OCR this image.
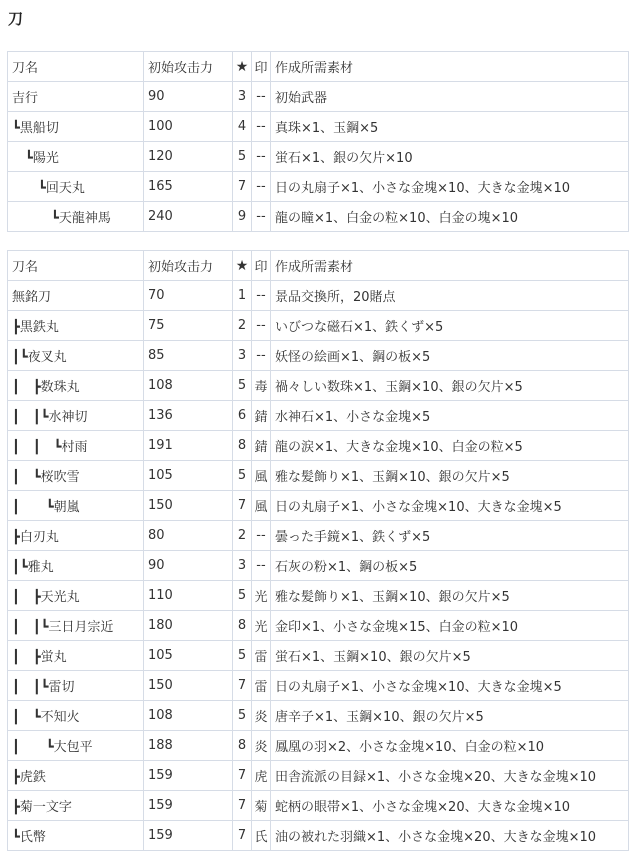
刀
刀名	初始攻击力	★	印	作成所需素材
吉行	90	3	--	初始武器
┗黒船切	100	4	--	真珠×1、玉鋼×5
　┗陽光	120	5	--	蛍石×1、銀の欠片×10
　　┗回天丸	165	7	--	日の丸扇子×1、小さな金塊×10、大きな金塊×10
　　　┗天龍神馬	240	9	--	龍の瞳×1、白金の粒×10、白金の塊×10
刀名	初始攻击力	★	印	作成所需素材
無銘刀	70	1	--	景品交換所，20賭点
┣黒鉄丸	75	2	--	いびつな磁石×1、鉄くず×5
┃┗夜叉丸	85	3	--	妖怪の絵画×1、鋼の板×5
┃　┣数珠丸	108	5	毒	禍々しい数珠×1、玉鋼×10、銀の欠片×5
┃　┃┗水神切	136	6	錆	水神石×1、小さな金塊×5
┃　┃　┗村雨	191	8	錆	龍の涙×1、大きな金塊×10、白金の粒×5
┃　┗桜吹雪	105	5	風	雅な髪飾り×1、玉鋼×10、銀の欠片×5
┃　　┗朝嵐	150	7	風	日の丸扇子×1、小さな金塊×10、大きな金塊×5
┣白刃丸	80	2	--	曇った手鏡×1、鉄くず×5
┃┗雅丸	90	3	--	石灰の粉×1、鋼の板×5
┃　┣天光丸	110	5	光	雅な髪飾り×1、玉鋼×10、銀の欠片×5
┃　┃┗三日月宗近	180	8	光	金印×1、小さな金塊×15、白金の粒×10
┃　┣蛍丸	105	5	雷	蛍石×1、玉鋼×10、銀の欠片×5
┃　┃┗雷切	150	7	雷	日の丸扇子×1、小さな金塊×10、大きな金塊×5
┃　┗不知火	108	5	炎	唐辛子×1、玉鋼×10、銀の欠片×5
┃　　┗大包平	188	8	炎	鳳凰の羽×2、小さな金塊×10、白金の粒×10
┣虎鉄	159	7	虎	田舎流派の目録×1、小さな金塊×20、大きな金塊×10
┣菊一文字	159	7	菊	蛇柄の眼帯×1、小さな金塊×20、大きな金塊×10
┗氏幣	159	7	氏	油の被れた羽織×1、小さな金塊×20、大きな金塊×10
